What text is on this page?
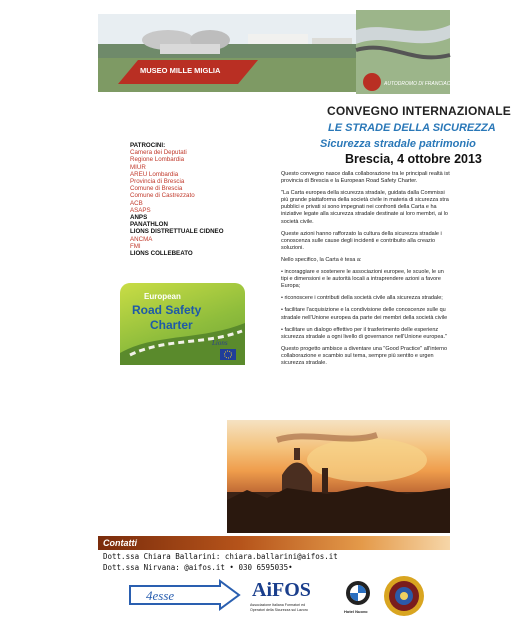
MUSEO MILLE MIGLIA
AUTODROMO DI FRANCIACORTA
CONVEGNO INTERNAZIONALE
LE STRADE DELLA SICUREZZA
Sicurezza stradale patrimonio
Brescia, 4 ottobre 2013
PATROCINI:
Camera dei Deputati
Regione Lombardia
MIUR
AREU Lombardia
Provincia di Brescia
Comune di Brescia
Comune di Castrezzato
ACB
ASAPS
ANPS
PANATHLON
LIONS DISTRETTUALE CIDNEO
ANCMA
FMI
LIONS COLLEBEATO

Questo convegno nasce dalla collaborazione tra le principali realtà ist
provincia di Brescia e la European Road Safety Charter.

"La Carta europea della sicurezza stradale, guidata dalla Commissi
più grande piattaforma della società civile in materia di sicurezza stra
pubblici e privati si sono impegnati nei confronti della Carta e ha
iniziative legate alla sicurezza stradale destinate ai loro membri, ai lo
società civile.

Queste azioni hanno rafforzato la cultura della sicurezza stradale i
conoscenza sulle cause degli incidenti e contribuito alla creazio
soluzioni.

Nello specifico, la Carta è tesa a:

• incoraggiare e sostenere le associazioni europee, le scuole, le un
tipi e dimensioni e le autorità locali a intraprendere azioni a favore
Europa;

• riconoscere i contributi della società civile alla sicurezza stradale;

• facilitare l'acquisizione e la condivisione delle conoscenze sulle qu
stradale nell'Unione europea da parte dei membri della società civile

• facilitare un dialogo effettivo per il trasferimento delle esperienz
sicurezza stradale a ogni livello di governance nell'Unione europea."

Questo progetto ambisce a diventare una "Good Practice" all'interno
collaborazione e scambio sul tema, sempre più sentito e urgen
sicurezza stradale.

European
Road Safety
Charter
Lions
Contatti
Dott.ssa Chiara Ballarini: chiara.ballarini@aifos.it
Dott.ssa Nirvana: @aifos.it • 030 6595035•
4esse	AiFOS
Associazione Italiana Formatori ed
Operatori della Sicurezza sul Lavoro	Hotel Nuovo
